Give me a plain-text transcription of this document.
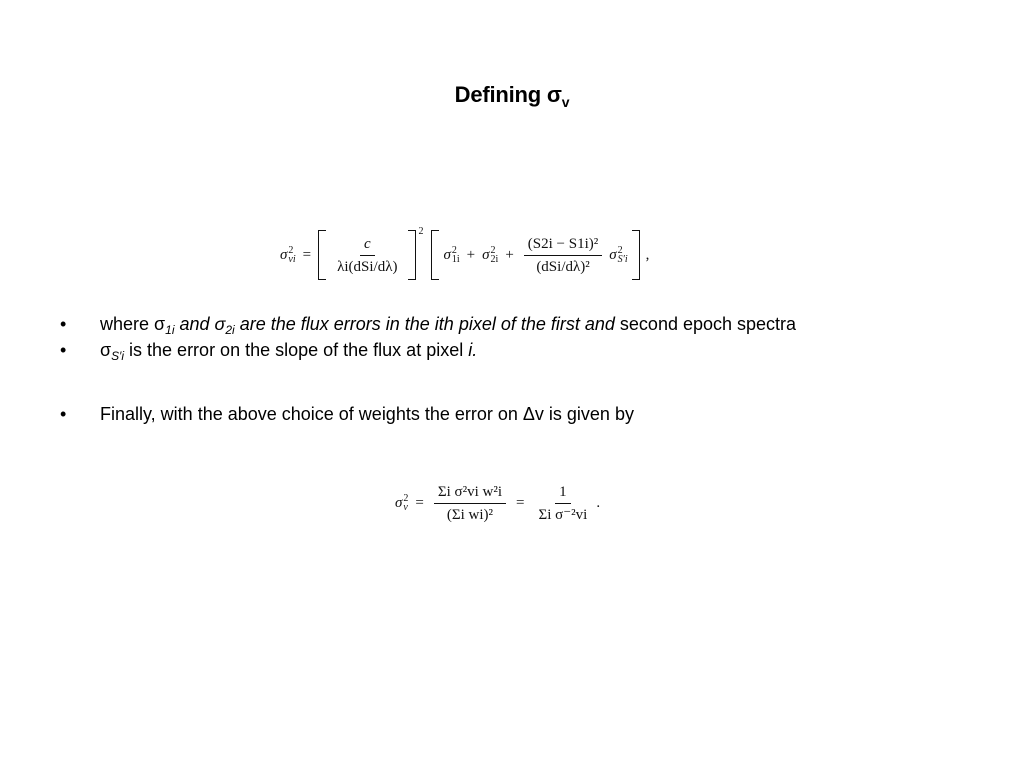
Defining $\sigma_v$
σ 2
vi = $\frac{c}{\text{λi(dSi/dλ)}}$
2
σ 2
1i + σ 2
$2i + \frac{\text{(S2i − S1i)²}}{\text{(dSi/dλ)²}}$ σ 2
S′i ,
•	where $\sigma_{1i}$ and $\sigma_{2i}$ are the flux errors in the ith pixel of the first and second epoch spectra
•	$\sigma_{S'i}$ is the error on the slope of the flux at pixel i.
•	Finally, with the above choice of weights the error on Δv is given by
σ 2
$v = \frac{\text{Σi σ²vi w²i}}{\text{(Σi wi)²}} = \frac{1}{\text{Σi σ⁻²vi}}$ .
